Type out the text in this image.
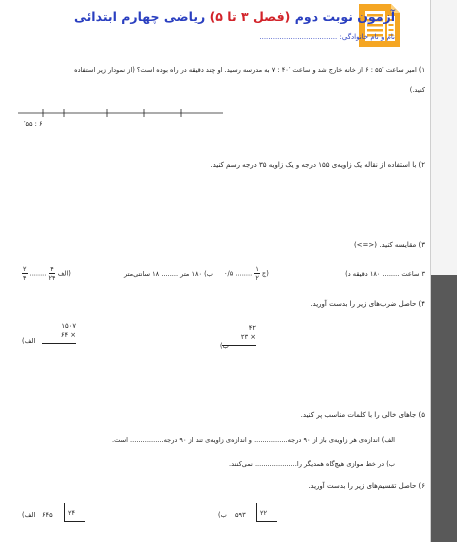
آزمون نوبت دوم (فصل ۳ تا ۵) ریاضی چهارم ابتدائی
نام و نام خانوادگی: ...................................
۱) امیر ساعت ′۵۵ : ۶ از خانه خارج شد و ساعت ′۴۰ : ۷ به مدرسه رسید. او چند دقیقه در راه بوده است؟ (از نمودار زیر استفاده
کنید.)
′۵۵ : ۶
۲) با استفاده از نقاله یک زاویه‌ی ۱۵۵ درجه و یک زاویه ۳۵ درجه رسم کنید.
۳) مقایسه کنید. (<=>)
$\frac{۲}{۴}$ ........ $\frac{۴}{۲۴}$ الف)	ب) ۱۸۰ متر ........ ۱۸ سانتی‌متر	۰/۵ ........ $\frac{۱}{۲}$ ج)	۳ ساعت ........ ۱۸۰ دقیقه د)
۴) حاصل ضرب‌های زیر را بدست آورید.
الف)
۱۵۰۷
۶۴ ×
ب)
۴۲
۲۳ ×
۵) جاهای خالی را با کلمات مناسب پر کنید.
الف) اندازه‌ی هر زاویه‌ی باز از ۹۰ درجه................ و اندازه‌ی زاویه‌ی تند از ۹۰ درجه................ است.
ب) در خط موازی هیچ‌گاه همدیگر را.................... نمی‌کنند.
۶) حاصل تقسیم‌های زیر را بدست آورید.
الف) ۶۴۵ ۲۴	ب) ۵۹۳ ۲۲
